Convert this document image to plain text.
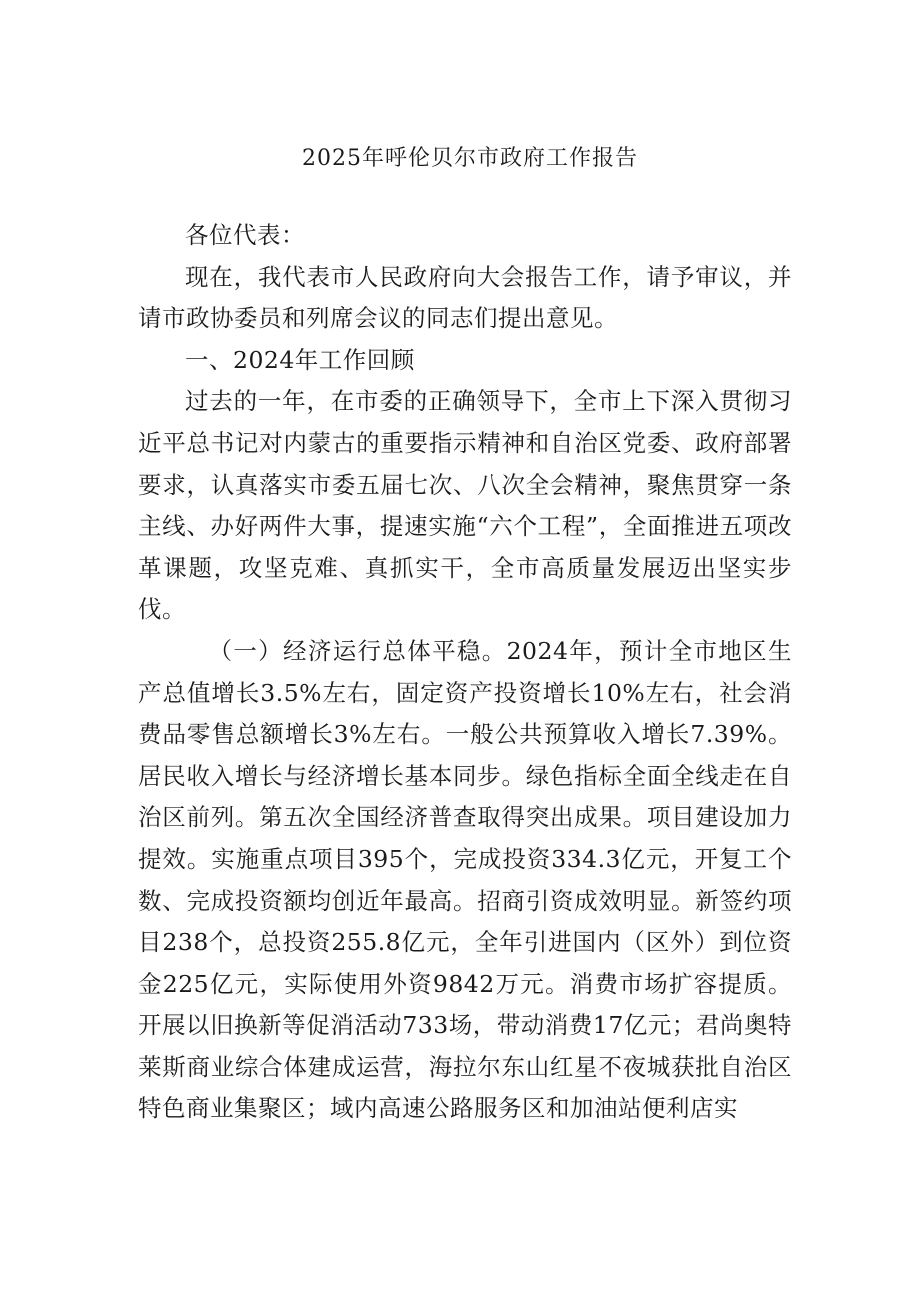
2025年呼伦贝尔市政府工作报告

各位代表：

现在，我代表市人民政府向大会报告工作，请予审议，并请市政协委员和列席会议的同志们提出意见。

一、2024年工作回顾

过去的一年，在市委的正确领导下，全市上下深入贯彻习近平总书记对内蒙古的重要指示精神和自治区党委、政府部署要求，认真落实市委五届七次、八次全会精神，聚焦贯穿一条主线、办好两件大事，提速实施“六个工程”，全面推进五项改革课题，攻坚克难、真抓实干，全市高质量发展迈出坚实步伐。

（一）经济运行总体平稳。2024年，预计全市地区生产总值增长3.5%左右，固定资产投资增长10%左右，社会消费品零售总额增长3%左右。一般公共预算收入增长7.39%。居民收入增长与经济增长基本同步。绿色指标全面全线走在自治区前列。第五次全国经济普查取得突出成果。项目建设加力提效。实施重点项目395个，完成投资334.3亿元，开复工个数、完成投资额均创近年最高。招商引资成效明显。新签约项目238个，总投资255.8亿元，全年引进国内（区外）到位资金225亿元，实际使用外资9842万元。消费市场扩容提质。开展以旧换新等促消活动733场，带动消费17亿元；君尚奥特莱斯商业综合体建成运营，海拉尔东山红星不夜城获批自治区特色商业集聚区；域内高速公路服务区和加油站便利店实
